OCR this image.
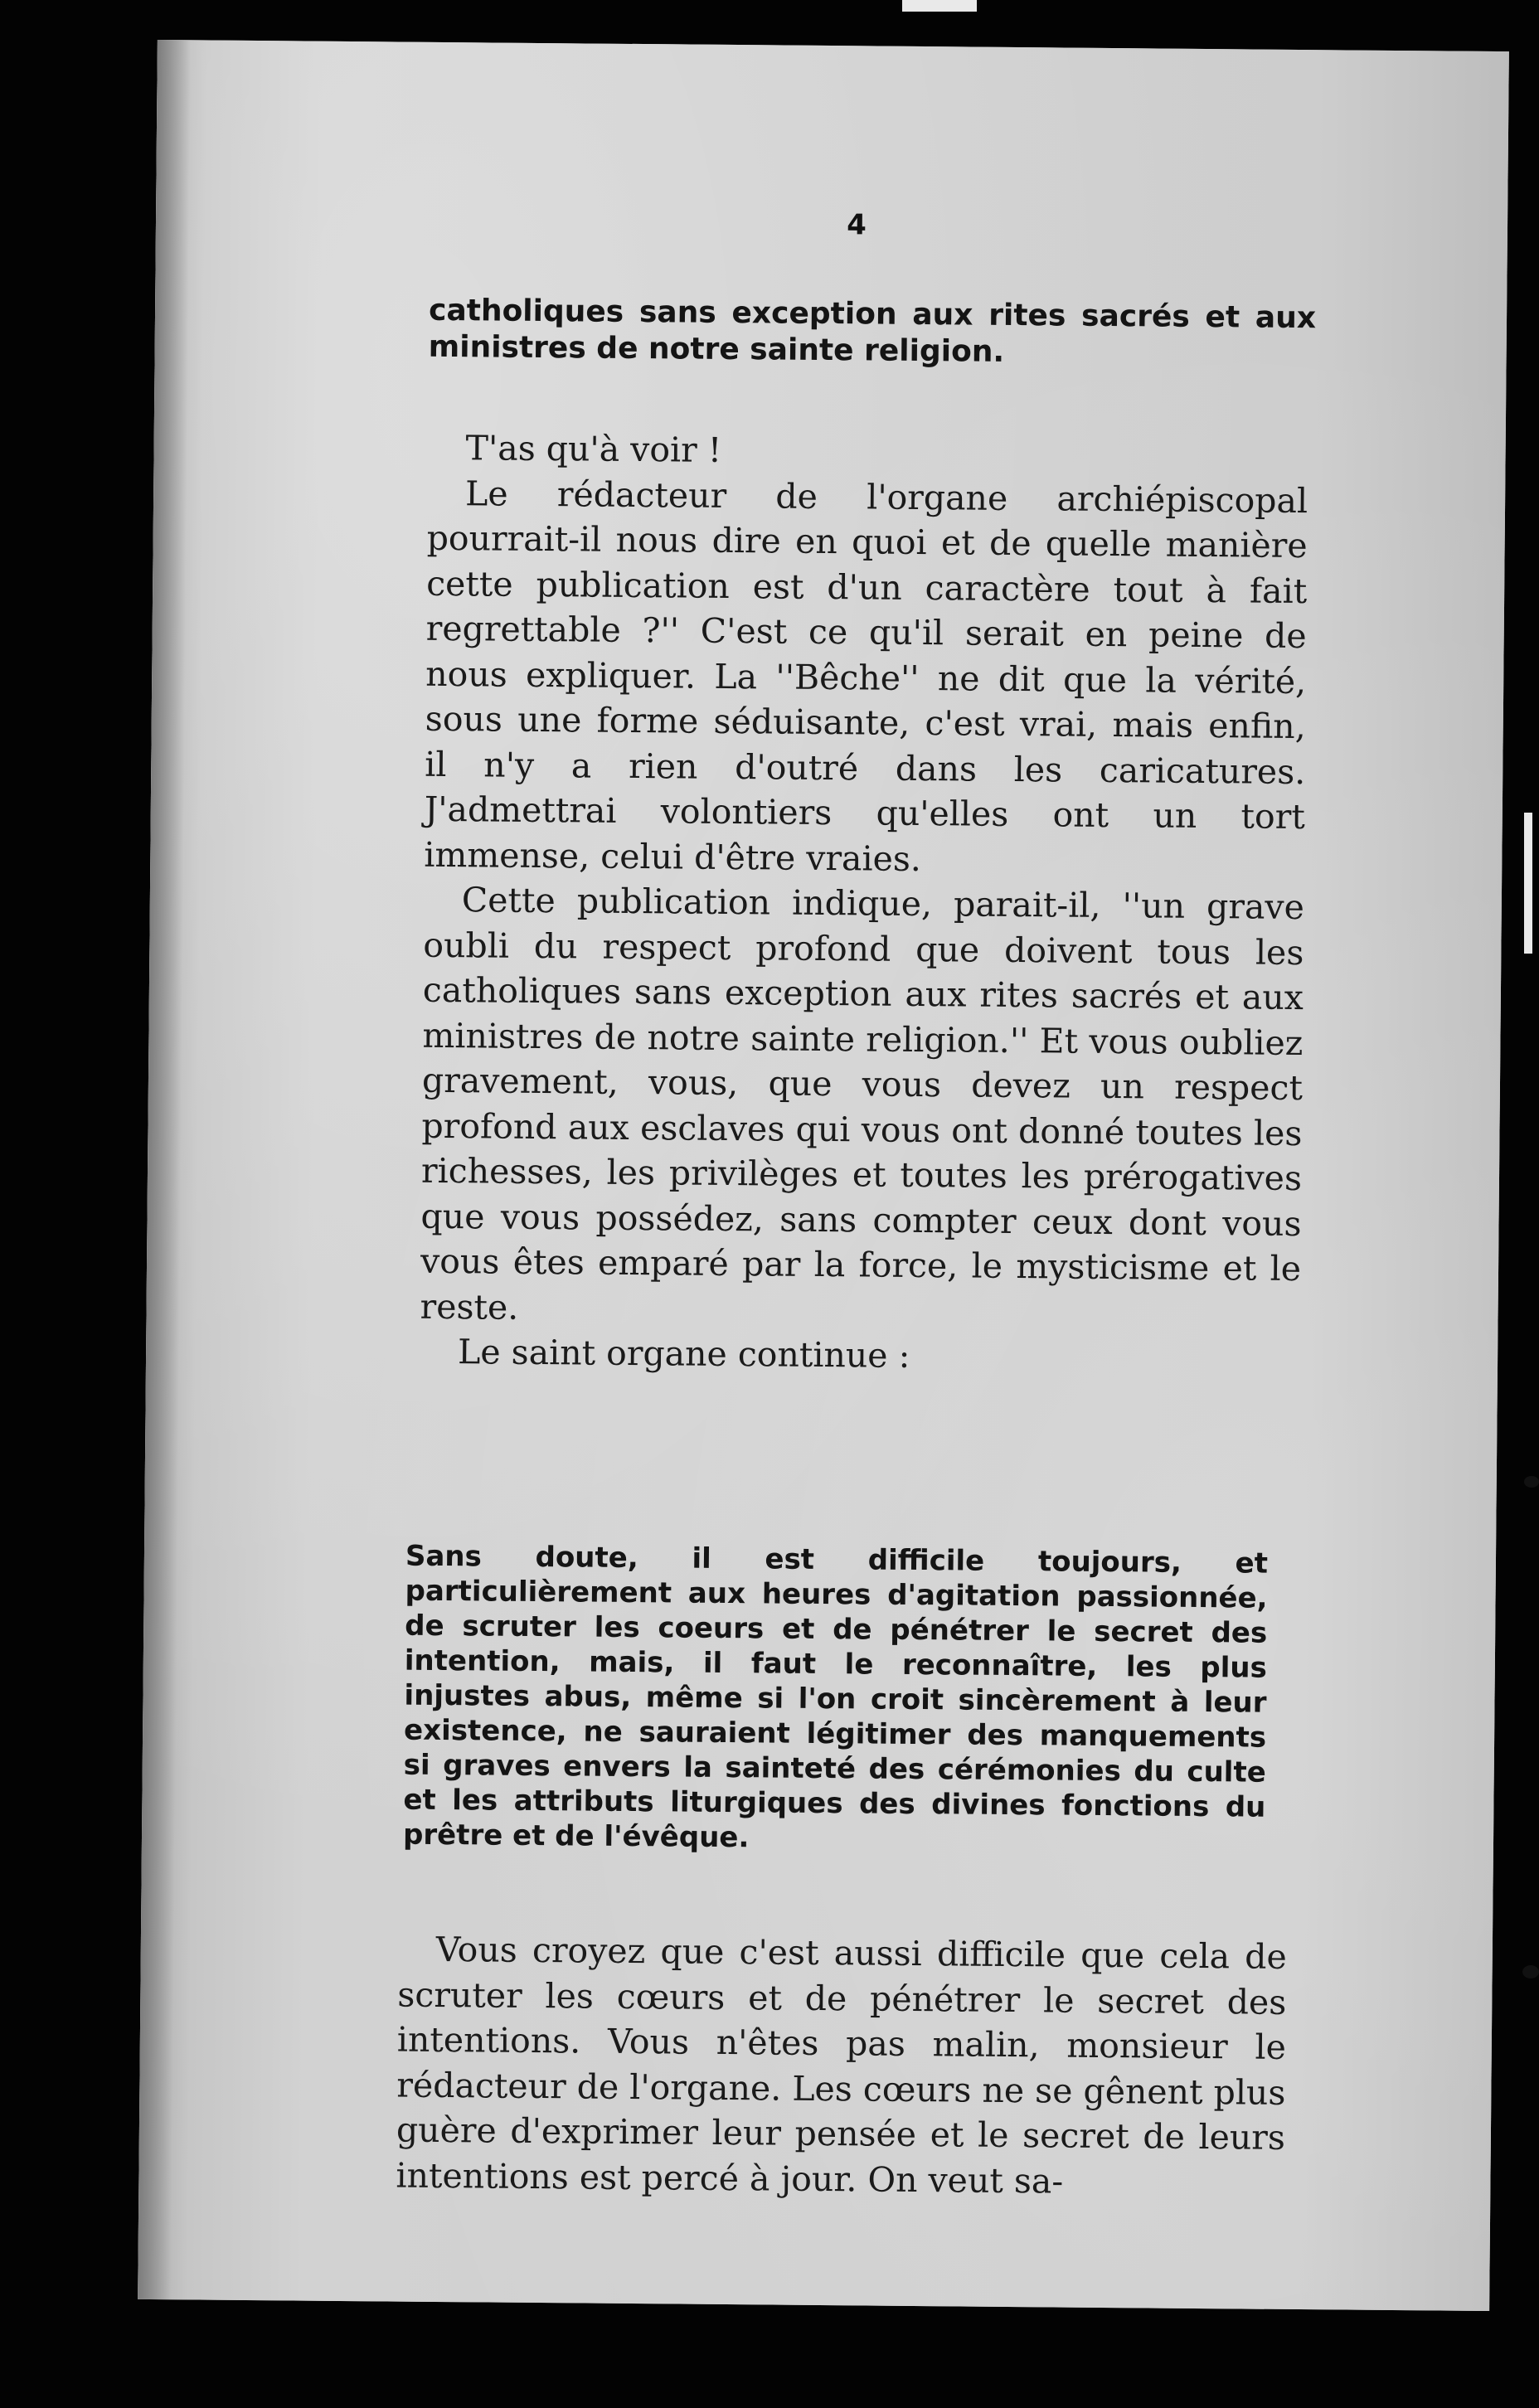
4
catholiques sans exception aux rites sacrés et aux ministres de notre sainte religion.

T'as qu'à voir !

Le rédacteur de l'organe archiépiscopal pourrait-il nous dire en quoi et de quelle manière cette publication est d'un caractère tout à fait regrettable ?'' C'est ce qu'il serait en peine de nous expliquer. La ''Bêche'' ne dit que la vérité, sous une forme séduisante, c'est vrai, mais enfin, il n'y a rien d'outré dans les caricatures. J'admettrai volontiers qu'elles ont un tort immense, celui d'être vraies.

Cette publication indique, parait-il, ''un grave oubli du respect profond que doivent tous les catholiques sans exception aux rites sacrés et aux ministres de notre sainte religion.'' Et vous oubliez gravement, vous, que vous devez un respect profond aux esclaves qui vous ont donné toutes les richesses, les privilèges et toutes les prérogatives que vous possédez, sans compter ceux dont vous vous êtes emparé par la force, le mysticisme et le reste.

Le saint organe continue :

Sans doute, il est difficile toujours, et particulièrement aux heures d'agitation passionnée, de scruter les coeurs et de pénétrer le secret des intention, mais, il faut le reconnaître, les plus injustes abus, même si l'on croit sincèrement à leur existence, ne sauraient légitimer des manquements si graves envers la sainteté des cérémonies du culte et les attributs liturgiques des divines fonctions du prêtre et de l'évêque.

Vous croyez que c'est aussi difficile que cela de scruter les cœurs et de pénétrer le secret des intentions. Vous n'êtes pas malin, monsieur le rédacteur de l'organe. Les cœurs ne se gênent plus guère d'exprimer leur pensée et le secret de leurs intentions est percé à jour. On veut sa-
